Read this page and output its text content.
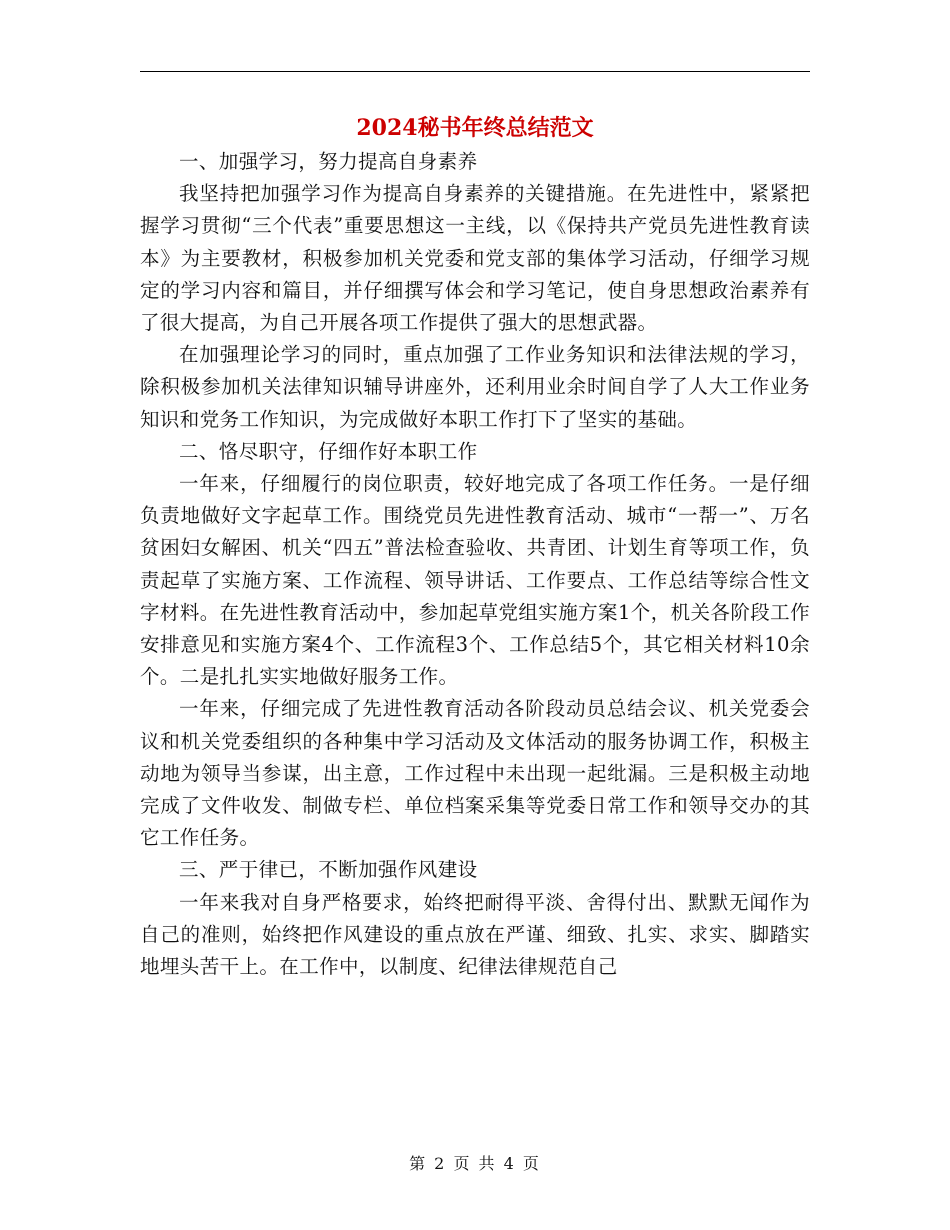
2024秘书年终总结范文

一、加强学习，努力提高自身素养

我坚持把加强学习作为提高自身素养的关键措施。在先进性中，紧紧把握学习贯彻“三个代表”重要思想这一主线，以《保持共产党员先进性教育读本》为主要教材，积极参加机关党委和党支部的集体学习活动，仔细学习规定的学习内容和篇目，并仔细撰写体会和学习笔记，使自身思想政治素养有了很大提高，为自己开展各项工作提供了强大的思想武器。

在加强理论学习的同时，重点加强了工作业务知识和法律法规的学习，除积极参加机关法律知识辅导讲座外，还利用业余时间自学了人大工作业务知识和党务工作知识，为完成做好本职工作打下了坚实的基础。

二、恪尽职守，仔细作好本职工作

一年来，仔细履行的岗位职责，较好地完成了各项工作任务。一是仔细负责地做好文字起草工作。围绕党员先进性教育活动、城市“一帮一”、万名贫困妇女解困、机关“四五”普法检查验收、共青团、计划生育等项工作，负责起草了实施方案、工作流程、领导讲话、工作要点、工作总结等综合性文字材料。在先进性教育活动中，参加起草党组实施方案1个，机关各阶段工作安排意见和实施方案4个、工作流程3个、工作总结5个，其它相关材料10余个。二是扎扎实实地做好服务工作。

一年来，仔细完成了先进性教育活动各阶段动员总结会议、机关党委会议和机关党委组织的各种集中学习活动及文体活动的服务协调工作，积极主动地为领导当参谋，出主意，工作过程中未出现一起纰漏。三是积极主动地完成了文件收发、制做专栏、单位档案采集等党委日常工作和领导交办的其它工作任务。

三、严于律已，不断加强作风建设

一年来我对自身严格要求，始终把耐得平淡、舍得付出、默默无闻作为自己的准则，始终把作风建设的重点放在严谨、细致、扎实、求实、脚踏实地埋头苦干上。在工作中，以制度、纪律法律规范自己

第 2 页 共 4 页
